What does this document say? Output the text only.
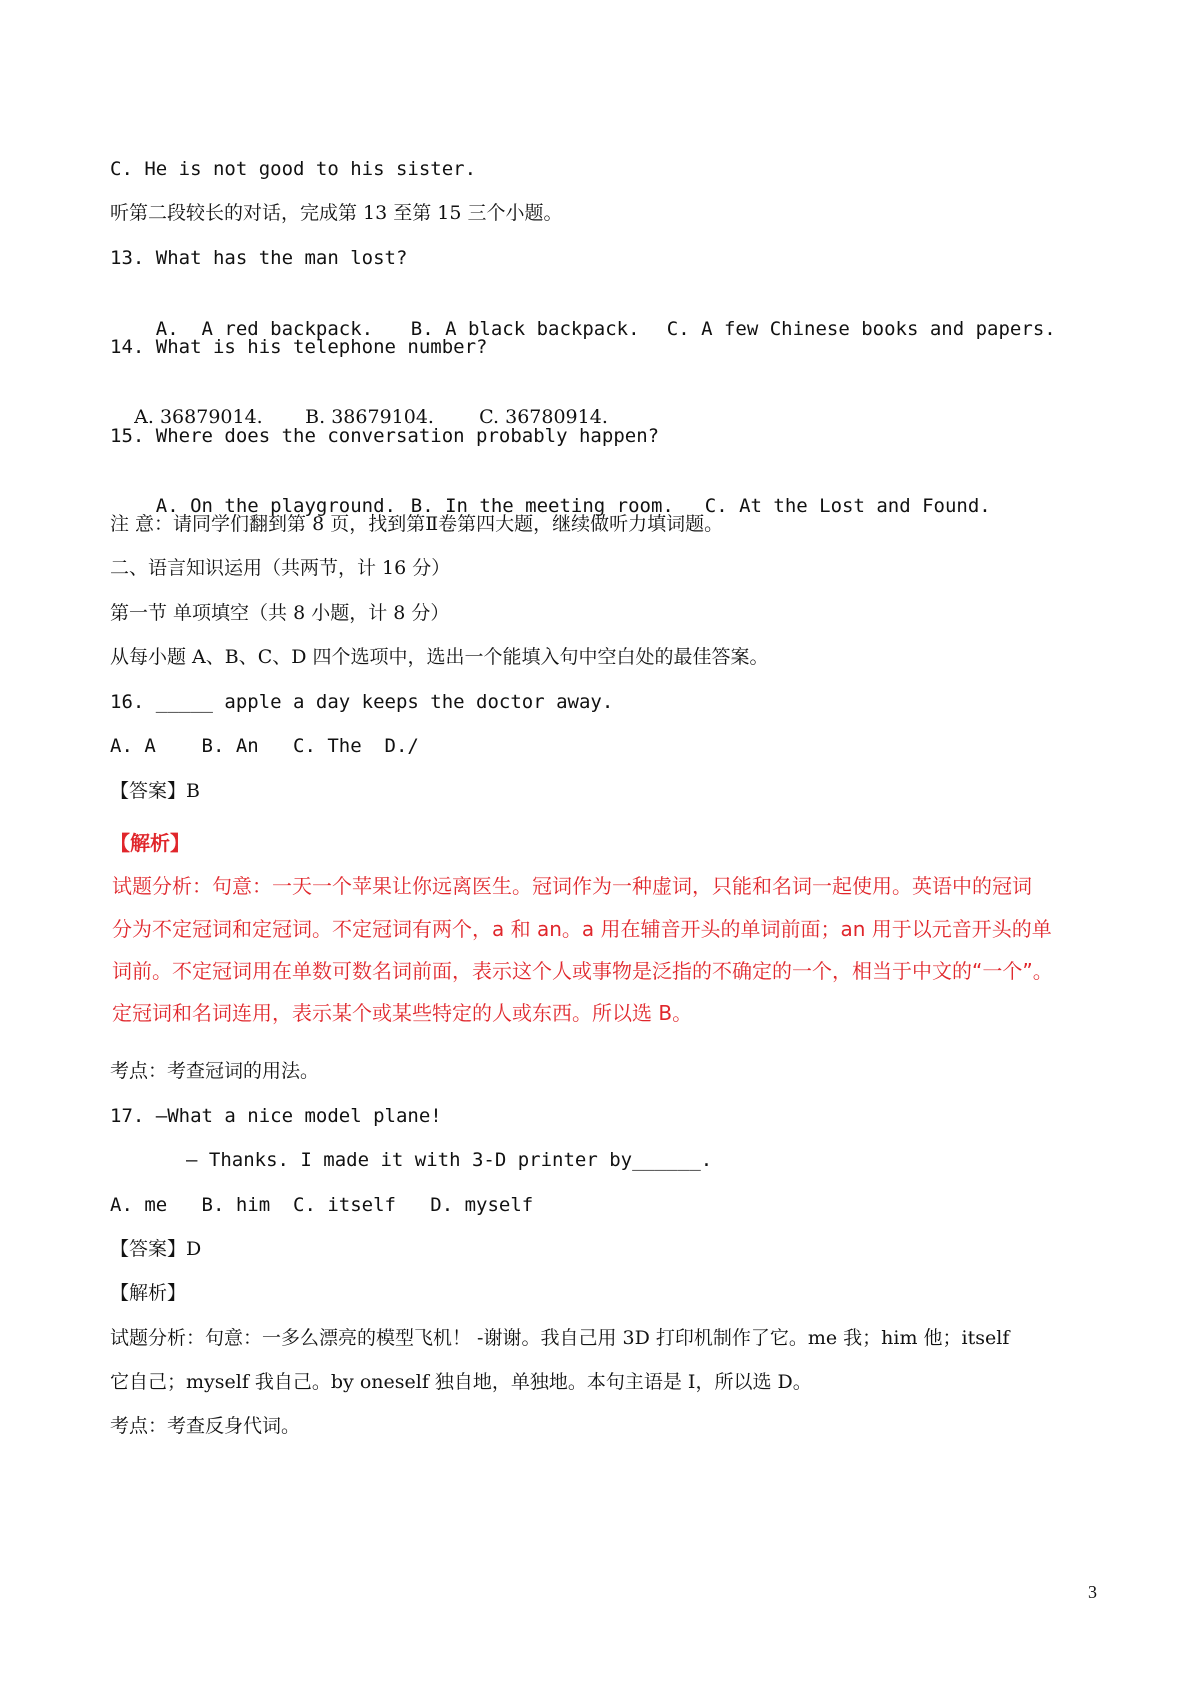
C. He is not good to his sister.
听第二段较长的对话，完成第 13 至第 15 三个小题。
13. What has the man lost?

A.  A red backpack. B. A black backpack. C. A few Chinese books and papers.

14. What is his telephone number?

A. 36879014. B. 38679104. C. 36780914.

15. Where does the conversation probably happen?

A. On the playground. B. In the meeting room. C. At the Lost and Found.

注 意：请同学们翻到第 8 页，找到第Ⅱ卷第四大题，继续做听力填词题。
二、语言知识运用（共两节，计 16 分）
第一节 单项填空（共 8 小题，计 8 分）
从每小题 A、B、C、D 四个选项中，选出一个能填入句中空白处的最佳答案。
16. _____ apple a day keeps the doctor away.
A. A    B. An   C. The  D./
【答案】B
【解析】
试题分析：句意：一天一个苹果让你远离医生。冠词作为一种虚词，只能和名词一起使用。英语中的冠词
分为不定冠词和定冠词。不定冠词有两个，a 和 an。a 用在辅音开头的单词前面；an 用于以元音开头的单
词前。不定冠词用在单数可数名词前面，表示这个人或事物是泛指的不确定的一个，相当于中文的“一个”。
定冠词和名词连用，表示某个或某些特定的人或东西。所以选 B。
考点：考查冠词的用法。
17. —What a nice model plane!
— Thanks. I made it with 3-D printer by______.
A. me   B. him  C. itself   D. myself
【答案】D
【解析】
试题分析：句意：一多么漂亮的模型飞机！ -谢谢。我自己用 3D 打印机制作了它。me 我；him 他；itself
它自己；myself 我自己。by oneself 独自地，单独地。本句主语是 I，所以选 D。
考点：考查反身代词。
3
